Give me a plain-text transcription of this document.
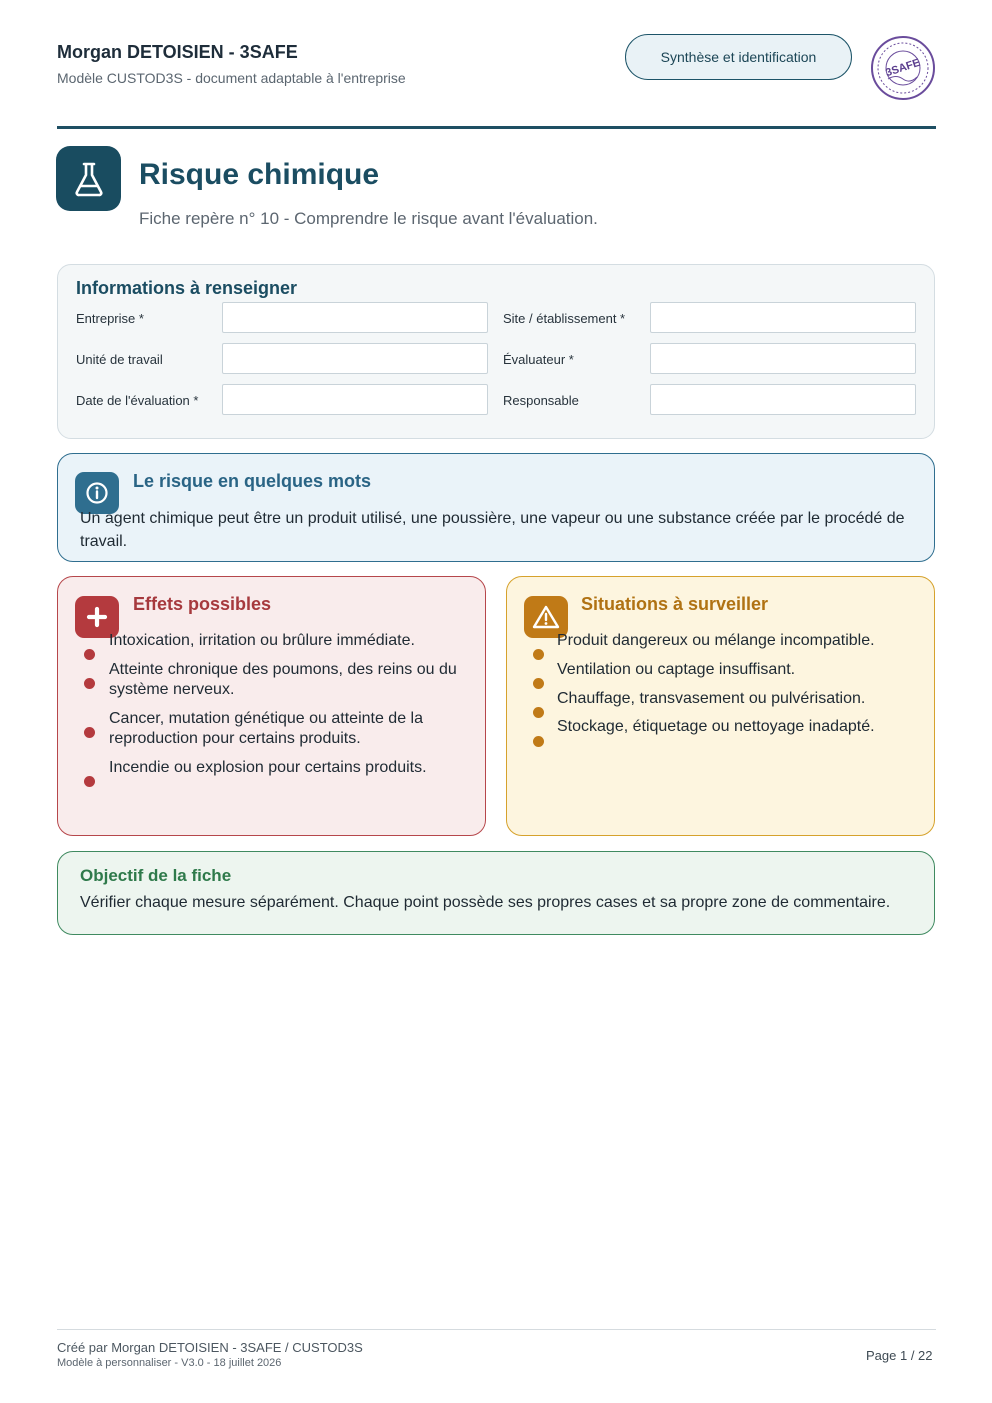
Morgan DETOISIEN - 3SAFE
Modèle CUSTOD3S - document adaptable à l'entreprise
Synthèse et identification	3SAFE
Risque chimique
Fiche repère n° 10 - Comprendre le risque avant l'évaluation.
Informations à renseigner
Entreprise *	Site / établissement *
Unité de travail	Évaluateur *
Date de l'évaluation *	Responsable
Le risque en quelques mots
Un agent chimique peut être un produit utilisé, une poussière, une vapeur ou une substance créée par le procédé de travail.
Effets possibles
Intoxication, irritation ou brûlure immédiate.
Atteinte chronique des poumons, des reins ou du système nerveux.
Cancer, mutation génétique ou atteinte de la reproduction pour certains produits.
Incendie ou explosion pour certains produits.
Situations à surveiller
Produit dangereux ou mélange incompatible.
Ventilation ou captage insuffisant.
Chauffage, transvasement ou pulvérisation.
Stockage, étiquetage ou nettoyage inadapté.
Objectif de la fiche
Vérifier chaque mesure séparément. Chaque point possède ses propres cases et sa propre zone de commentaire.
Créé par Morgan DETOISIEN - 3SAFE / CUSTOD3S
Modèle à personnaliser - V3.0 - 18 juillet 2026	Page 1 / 22
